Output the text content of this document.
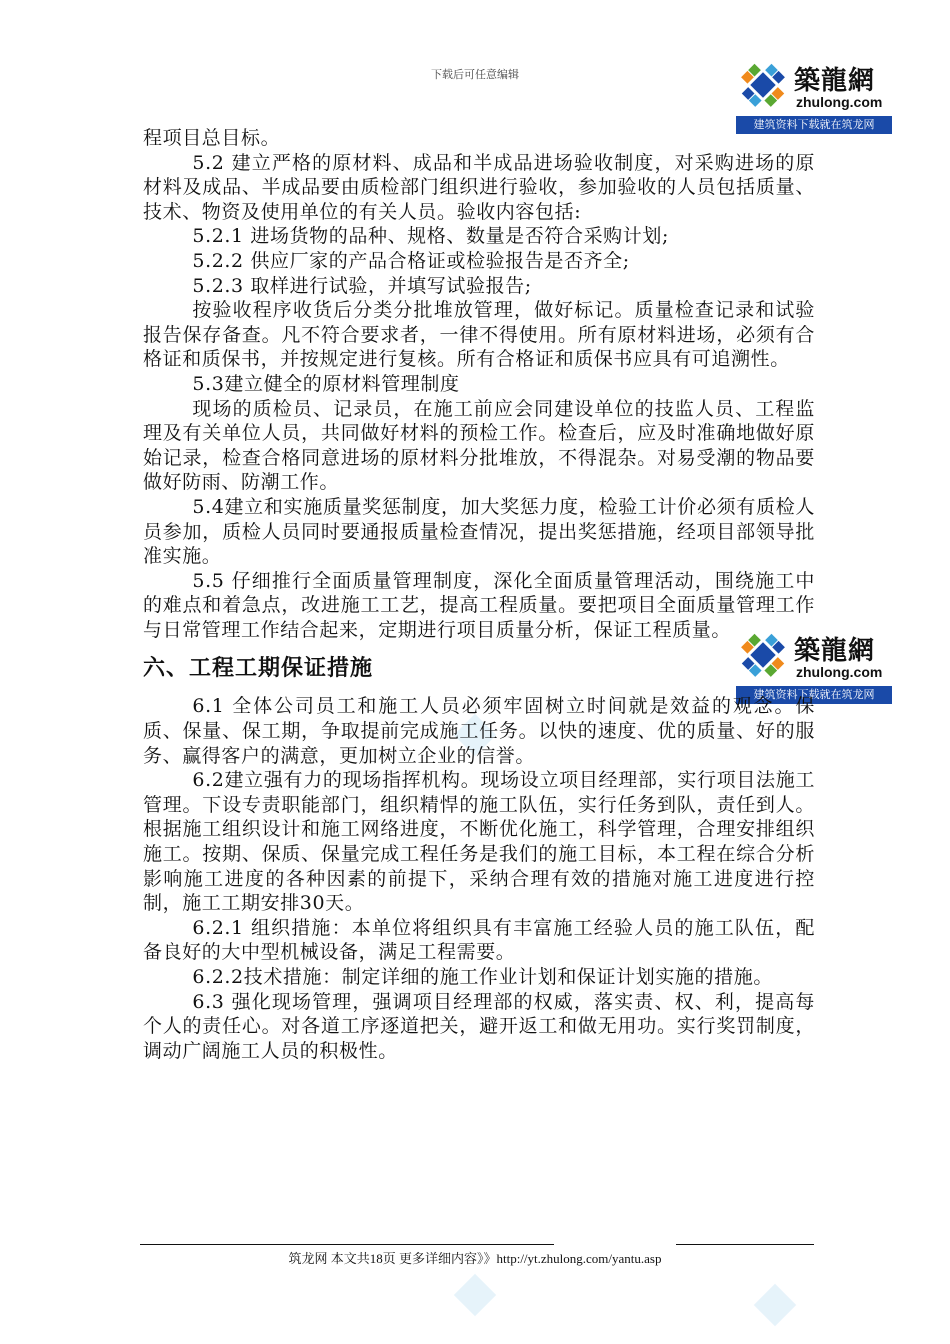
下载后可任意编辑	築龍網
zhulong.com
建筑资料下载就在筑龙网
築龍網
zhulong.com
建筑资料下载就在筑龙网

程项目总目标。

5.2 建立严格的原材料、成品和半成品进场验收制度，对采购进场的原材料及成品、半成品要由质检部门组织进行验收，参加验收的人员包括质量、技术、物资及使用单位的有关人员。验收内容包括:

5.2.1 进场货物的品种、规格、数量是否符合采购计划;

5.2.2 供应厂家的产品合格证或检验报告是否齐全;

5.2.3 取样进行试验，并填写试验报告;

按验收程序收货后分类分批堆放管理，做好标记。质量检查记录和试验报告保存备查。凡不符合要求者，一律不得使用。所有原材料进场，必须有合格证和质保书，并按规定进行复核。所有合格证和质保书应具有可追溯性。

5.3建立健全的原材料管理制度

现场的质检员、记录员，在施工前应会同建设单位的技监人员、工程监理及有关单位人员，共同做好材料的预检工作。检查后，应及时准确地做好原始记录，检查合格同意进场的原材料分批堆放，不得混杂。对易受潮的物品要做好防雨、防潮工作。

5.4建立和实施质量奖惩制度，加大奖惩力度，检验工计价必须有质检人员参加，质检人员同时要通报质量检查情况，提出奖惩措施，经项目部领导批准实施。

5.5 仔细推行全面质量管理制度，深化全面质量管理活动，围绕施工中的难点和着急点，改进施工工艺，提高工程质量。要把项目全面质量管理工作与日常管理工作结合起来，定期进行项目质量分析，保证工程质量。

六、工程工期保证措施

6.1 全体公司员工和施工人员必须牢固树立时间就是效益的观念。保质、保量、保工期，争取提前完成施工任务。以快的速度、优的质量、好的服务、赢得客户的满意，更加树立企业的信誉。

6.2建立强有力的现场指挥机构。现场设立项目经理部，实行项目法施工管理。下设专责职能部门，组织精悍的施工队伍，实行任务到队，责任到人。根据施工组织设计和施工网络进度，不断优化施工，科学管理，合理安排组织施工。按期、保质、保量完成工程任务是我们的施工目标，本工程在综合分析影响施工进度的各种因素的前提下，采纳合理有效的措施对施工进度进行控制，施工工期安排30天。

6.2.1 组织措施：本单位将组织具有丰富施工经验人员的施工队伍，配备良好的大中型机械设备，满足工程需要。

6.2.2技术措施：制定详细的施工作业计划和保证计划实施的措施。

6.3 强化现场管理，强调项目经理部的权威，落实责、权、利，提高每个人的责任心。对各道工序逐道把关，避开返工和做无用功。实行奖罚制度，调动广阔施工人员的积极性。

筑龙网 本文共18页 更多详细内容》》http://yt.zhulong.com/yantu.asp
